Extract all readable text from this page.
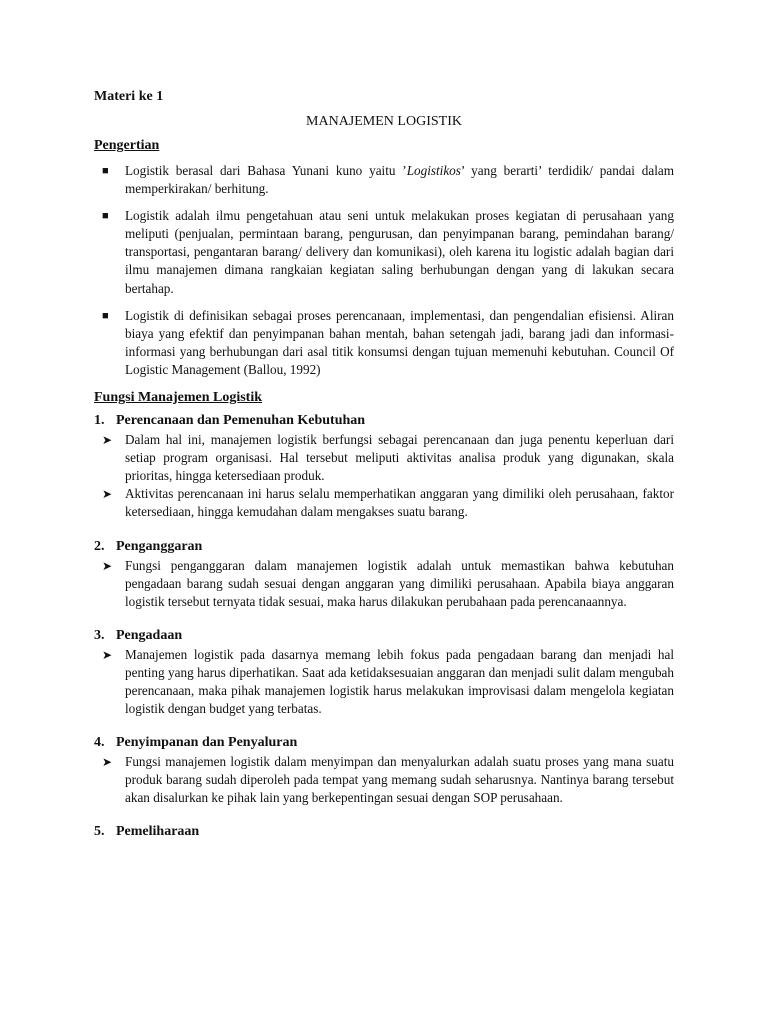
Materi ke 1
MANAJEMEN LOGISTIK
Pengertian
■ Logistik berasal dari Bahasa Yunani kuno yaitu ’Logistikos’ yang berarti’ terdidik/ pandai dalam memperkirakan/ berhitung.
■ Logistik adalah ilmu pengetahuan atau seni untuk melakukan proses kegiatan di perusahaan yang meliputi (penjualan, permintaan barang, pengurusan, dan penyimpanan barang, pemindahan barang/ transportasi, pengantaran barang/ delivery dan komunikasi), oleh karena itu logistic adalah bagian dari ilmu manajemen dimana rangkaian kegiatan saling berhubungan dengan yang di lakukan secara bertahap.
■ Logistik di definisikan sebagai proses perencanaan, implementasi, dan pengendalian efisiensi. Aliran biaya yang efektif dan penyimpanan bahan mentah, bahan setengah jadi, barang jadi dan informasi-informasi yang berhubungan dari asal titik konsumsi dengan tujuan memenuhi kebutuhan. Council Of Logistic Management (Ballou, 1992)
Fungsi Manajemen Logistik
1. Perencanaan dan Pemenuhan Kebutuhan
➤ Dalam hal ini, manajemen logistik berfungsi sebagai perencanaan dan juga penentu keperluan dari setiap program organisasi. Hal tersebut meliputi aktivitas analisa produk yang digunakan, skala prioritas, hingga ketersediaan produk.
➤ Aktivitas perencanaan ini harus selalu memperhatikan anggaran yang dimiliki oleh perusahaan, faktor ketersediaan, hingga kemudahan dalam mengakses suatu barang.
2. Penganggaran
➤ Fungsi penganggaran dalam manajemen logistik adalah untuk memastikan bahwa kebutuhan pengadaan barang sudah sesuai dengan anggaran yang dimiliki perusahaan. Apabila biaya anggaran logistik tersebut ternyata tidak sesuai, maka harus dilakukan perubahaan pada perencanaannya.
3. Pengadaan
➤ Manajemen logistik pada dasarnya memang lebih fokus pada pengadaan barang dan menjadi hal penting yang harus diperhatikan. Saat ada ketidaksesuaian anggaran dan menjadi sulit dalam mengubah perencanaan, maka pihak manajemen logistik harus melakukan improvisasi dalam mengelola kegiatan logistik dengan budget yang terbatas.
4. Penyimpanan dan Penyaluran
➤ Fungsi manajemen logistik dalam menyimpan dan menyalurkan adalah suatu proses yang mana suatu produk barang sudah diperoleh pada tempat yang memang sudah seharusnya. Nantinya barang tersebut akan disalurkan ke pihak lain yang berkepentingan sesuai dengan SOP perusahaan.
5. Pemeliharaan
